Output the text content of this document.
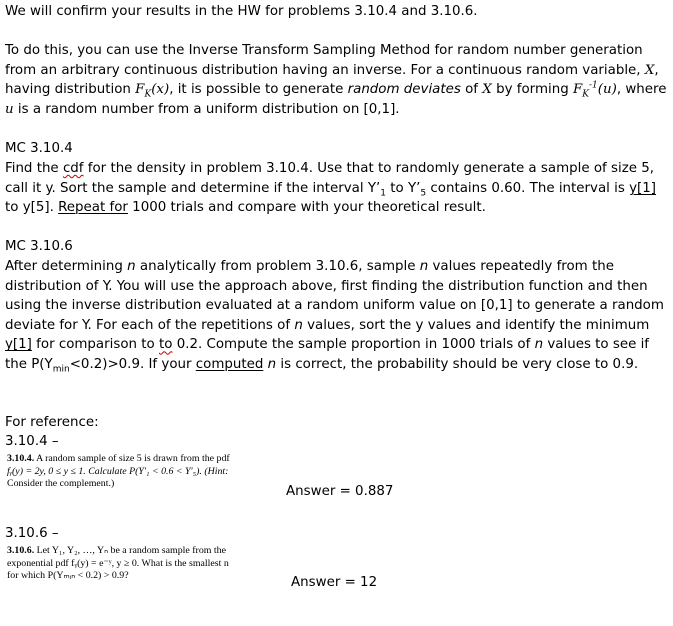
We will confirm your results in the HW for problems 3.10.4 and 3.10.6.
To do this, you can use the Inverse Transform Sampling Method for random number generation from an arbitrary continuous distribution having an inverse. For a continuous random variable, X, having distribution $F_K(x)$, it is possible to generate random deviates of X by forming $F_K^{-1}(u)$, where u is a random number from a uniform distribution on [0,1].
MC 3.10.4
Find the cdf for the density in problem 3.10.4. Use that to randomly generate a sample of size 5, call it y. Sort the sample and determine if the interval $Y’_1$ to $Y’_5$ contains 0.60. The interval is y[1] to y[5]. Repeat for 1000 trials and compare with your theoretical result.
MC 3.10.6
After determining n analytically from problem 3.10.6, sample n values repeatedly from the distribution of Y. You will use the approach above, first finding the distribution function and then using the inverse distribution evaluated at a random uniform value on [0,1] to generate a random deviate for Y. For each of the repetitions of n values, sort the y values and identify the minimum y[1] for comparison to to 0.2. Compute the sample proportion in 1000 trials of n values to see if the $P(Y_{min}<0.2)>0.9$. If your computed n is correct, the probability should be very close to 0.9.
For reference:
3.10.4 –
3.10.4. A random sample of size 5 is drawn from the pdf
fᵧ(y) = 2y, 0 ≤ y ≤ 1. Calculate P(Y′₁ < 0.6 < Y′₅). (Hint:
Consider the complement.)
Answer = 0.887
3.10.6 –
3.10.6. Let Y₁, Y₂, …, Yₙ be a random sample from the
exponential pdf fᵧ(y) = e⁻ʸ, y ≥ 0. What is the smallest n
for which P(Yₘᵢₙ < 0.2) > 0.9?	Answer = 12
